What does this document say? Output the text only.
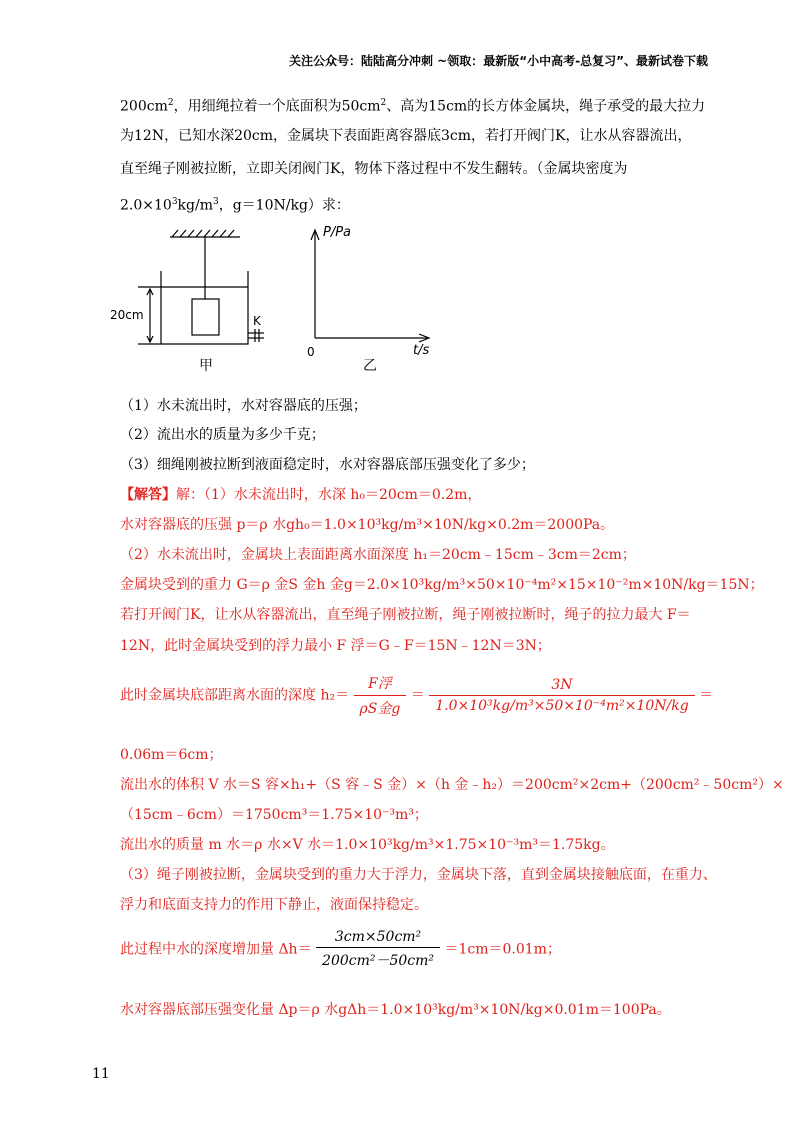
关注公众号：陆陆高分冲刺 ~领取：最新版“小中高考-总复习”、最新试卷下载
$200cm^2$，用细绳拉着一个底面积为$50cm^2$、高为15cm的长方体金属块，绳子承受的最大拉力
为12N，已知水深20cm，金属块下表面距离容器底3cm，若打开阀门K，让水从容器流出，
直至绳子刚被拉断，立即关闭阀门K，物体下落过程中不发生翻转。（金属块密度为
$2.0\times 10^3kg/m^3$，g＝10N/kg）求：
20cm	K
甲
P/Pa
t/s
0
乙
（1）水未流出时，水对容器底的压强；
（2）流出水的质量为多少千克；
（3）细绳刚被拉断到液面稳定时，水对容器底部压强变化了多少；
【解答】解：（1）水未流出时，水深 h₀＝20cm＝0.2m，
水对容器底的压强 p＝ρ 水gh₀＝1.0×10³kg/m³×10N/kg×0.2m＝2000Pa。
（2）水未流出时，金属块上表面距离水面深度 h₁＝20cm﹣15cm﹣3cm＝2cm；
金属块受到的重力 G＝ρ 金S 金h 金g＝2.0×10³kg/m³×50×10⁻⁴m²×15×10⁻²m×10N/kg＝15N；
若打开阀门K，让水从容器流出，直至绳子刚被拉断，绳子刚被拉断时，绳子的拉力最大 F＝
12N，此时金属块受到的浮力最小 F 浮＝G﹣F＝15N﹣12N＝3N；
此时金属块底部距离水面的深度 $h_2= \frac{\text{F浮}}{\text{ρS金g}} = \frac{3N}{\text{1.0×10³kg/m³×50×10⁻⁴m²×10N/kg}}$ ＝
0.06m＝6cm；
流出水的体积 V 水＝S 容×h₁+（S 容﹣S 金）×（h 金﹣h₂）＝200cm²×2cm+（200cm²﹣50cm²）×
（15cm﹣6cm）＝1750cm³＝1.75×10⁻³m³；
流出水的质量 m 水＝ρ 水×V 水＝1.0×10³kg/m³×1.75×10⁻³m³＝1.75kg。
（3）绳子刚被拉断，金属块受到的重力大于浮力，金属块下落，直到金属块接触底面，在重力、
浮力和底面支持力的作用下静止，液面保持稳定。
此过程中水的深度增加量 $\Delta h= \frac{\text{3cm×50cm²}}{\text{200cm²－50cm²}} =1cm=0.01m$；
水对容器底部压强变化量 Δp＝ρ 水gΔh＝1.0×10³kg/m³×10N/kg×0.01m＝100Pa。
11
